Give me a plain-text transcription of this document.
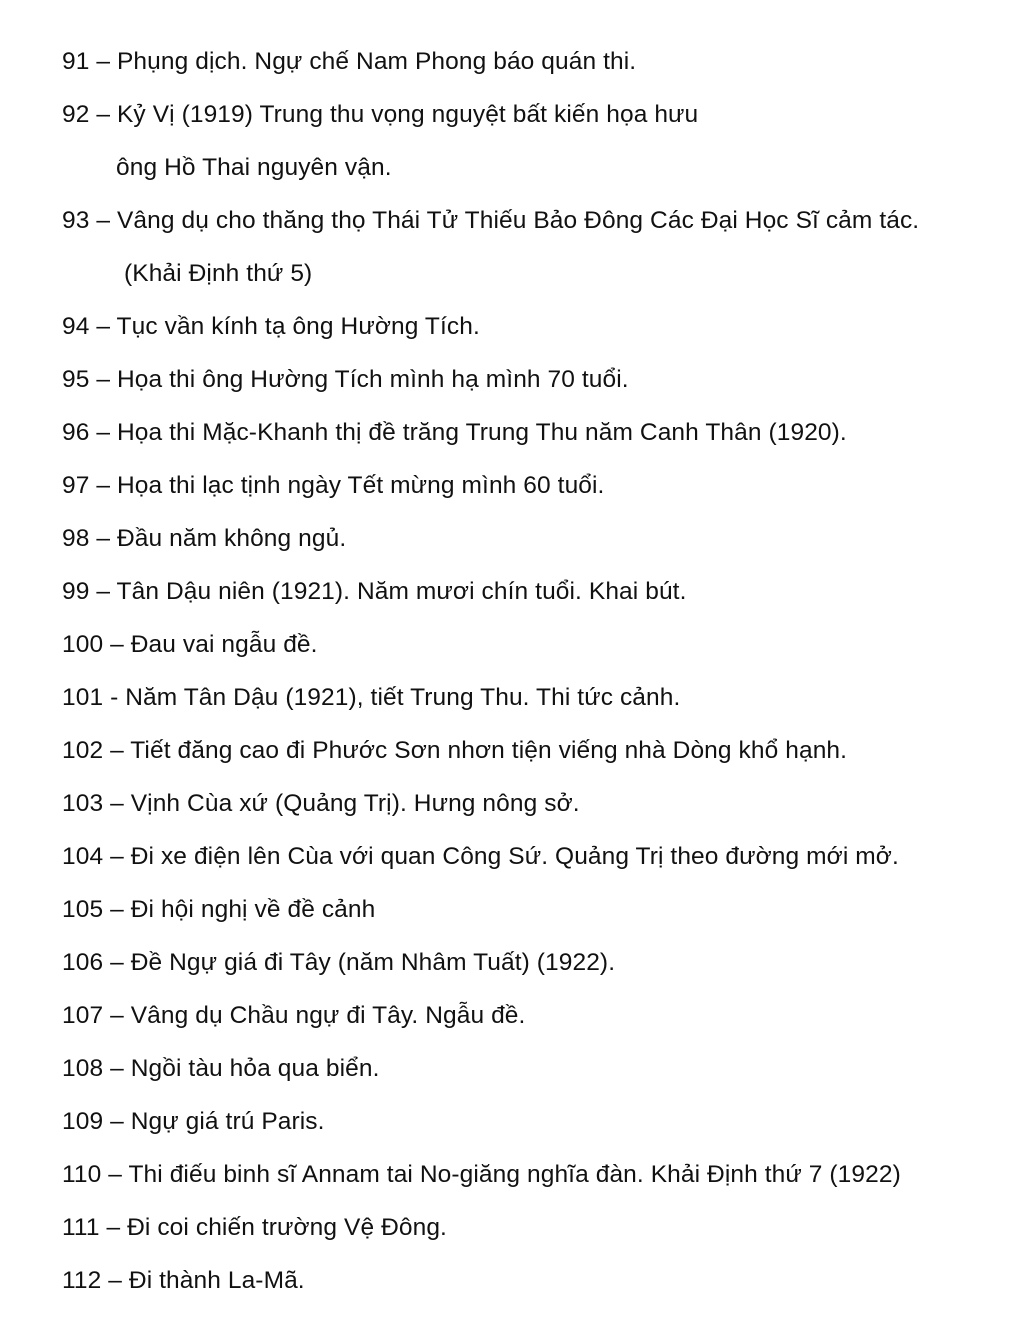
91 – Phụng dịch. Ngự chế Nam Phong báo quán thi.
92 – Kỷ Vị (1919) Trung thu vọng nguyệt bất kiến họa hưu
ông Hồ Thai nguyên vận.
93 – Vâng dụ cho thăng thọ Thái Tử Thiếu Bảo Đông Các Đại Học Sĩ cảm tác.
(Khải Định thứ 5)
94 – Tục vần kính tạ ông Hường Tích.
95 – Họa thi ông Hường Tích mình hạ mình 70 tuổi.
96 – Họa thi Mặc-Khanh thị đề trăng Trung Thu năm Canh Thân (1920).
97 – Họa thi lạc tịnh ngày Tết mừng mình 60 tuổi.
98 – Đầu năm không ngủ.
99 – Tân Dậu niên (1921). Năm mươi chín tuổi. Khai bút.
100 – Đau vai ngẫu đề.
101 - Năm Tân Dậu (1921), tiết Trung Thu. Thi tức cảnh.
102 – Tiết đăng cao đi Phước Sơn nhơn tiện viếng nhà Dòng khổ hạnh.
103 – Vịnh Cùa xứ (Quảng Trị). Hưng nông sở.
104 – Đi xe điện lên Cùa với quan Công Sứ. Quảng Trị theo đường mới mở.
105 – Đi hội nghị về đề cảnh
106 – Đề Ngự giá đi Tây (năm Nhâm Tuất) (1922).
107 – Vâng dụ Chầu ngự đi Tây. Ngẫu đề.
108 – Ngồi tàu hỏa qua biển.
109 – Ngự giá trú Paris.
110 – Thi điếu binh sĩ Annam tai No-giăng nghĩa đàn. Khải Định thứ 7 (1922)
111 – Đi coi chiến trường Vệ Đông.
112 – Đi thành La-Mã.
